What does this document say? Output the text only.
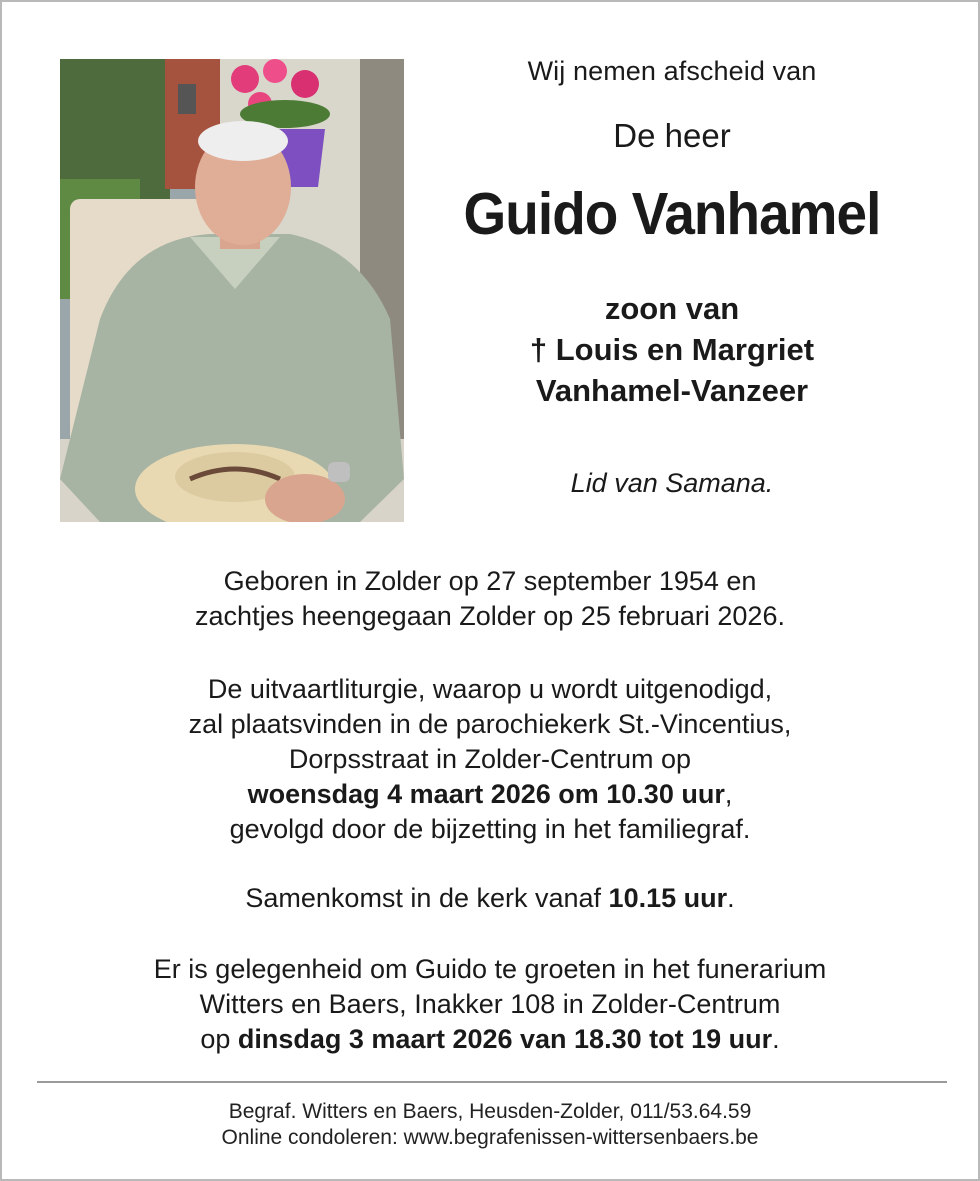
Wij nemen afscheid van
De heer
Guido Vanhamel
zoon van
† Louis en Margriet
Vanhamel-Vanzeer
Lid van Samana.
Geboren in Zolder op 27 september 1954 en
zachtjes heengegaan Zolder op 25 februari 2026.
De uitvaartliturgie, waarop u wordt uitgenodigd,
zal plaatsvinden in de parochiekerk St.-Vincentius,
Dorpsstraat in Zolder-Centrum op
woensdag 4 maart 2026 om 10.30 uur,
gevolgd door de bijzetting in het familiegraf.
Samenkomst in de kerk vanaf 10.15 uur.
Er is gelegenheid om Guido te groeten in het funerarium
Witters en Baers, Inakker 108 in Zolder-Centrum
op dinsdag 3 maart 2026 van 18.30 tot 19 uur.
Begraf. Witters en Baers, Heusden-Zolder, 011/53.64.59
Online condoleren: www.begrafenissen-wittersenbaers.be
